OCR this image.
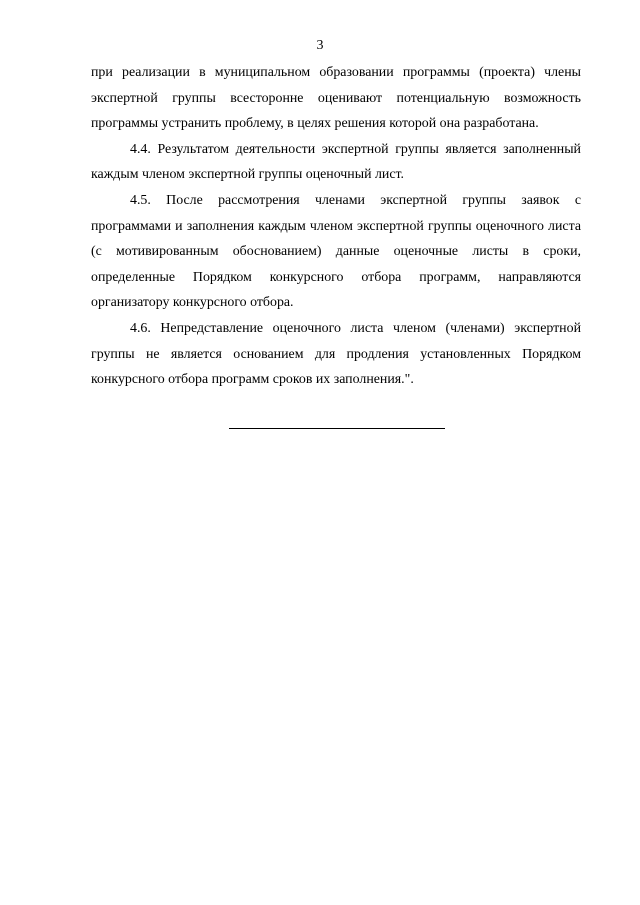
3

при реализации в муниципальном образовании программы (проекта) члены экспертной группы всесторонне оценивают потенциальную возможность программы устранить проблему, в целях решения которой она разработана.

4.4. Результатом деятельности экспертной группы является заполненный каждым членом экспертной группы оценочный лист.

4.5. После рассмотрения членами экспертной группы заявок с программами и заполнения каждым членом экспертной группы оценочного листа (с мотивированным обоснованием) данные оценочные листы в сроки, определенные Порядком конкурсного отбора программ, направляются организатору конкурсного отбора.

4.6. Непредставление оценочного листа членом (членами) экспертной группы не является основанием для продления установленных Порядком конкурсного отбора программ сроков их заполнения.".
